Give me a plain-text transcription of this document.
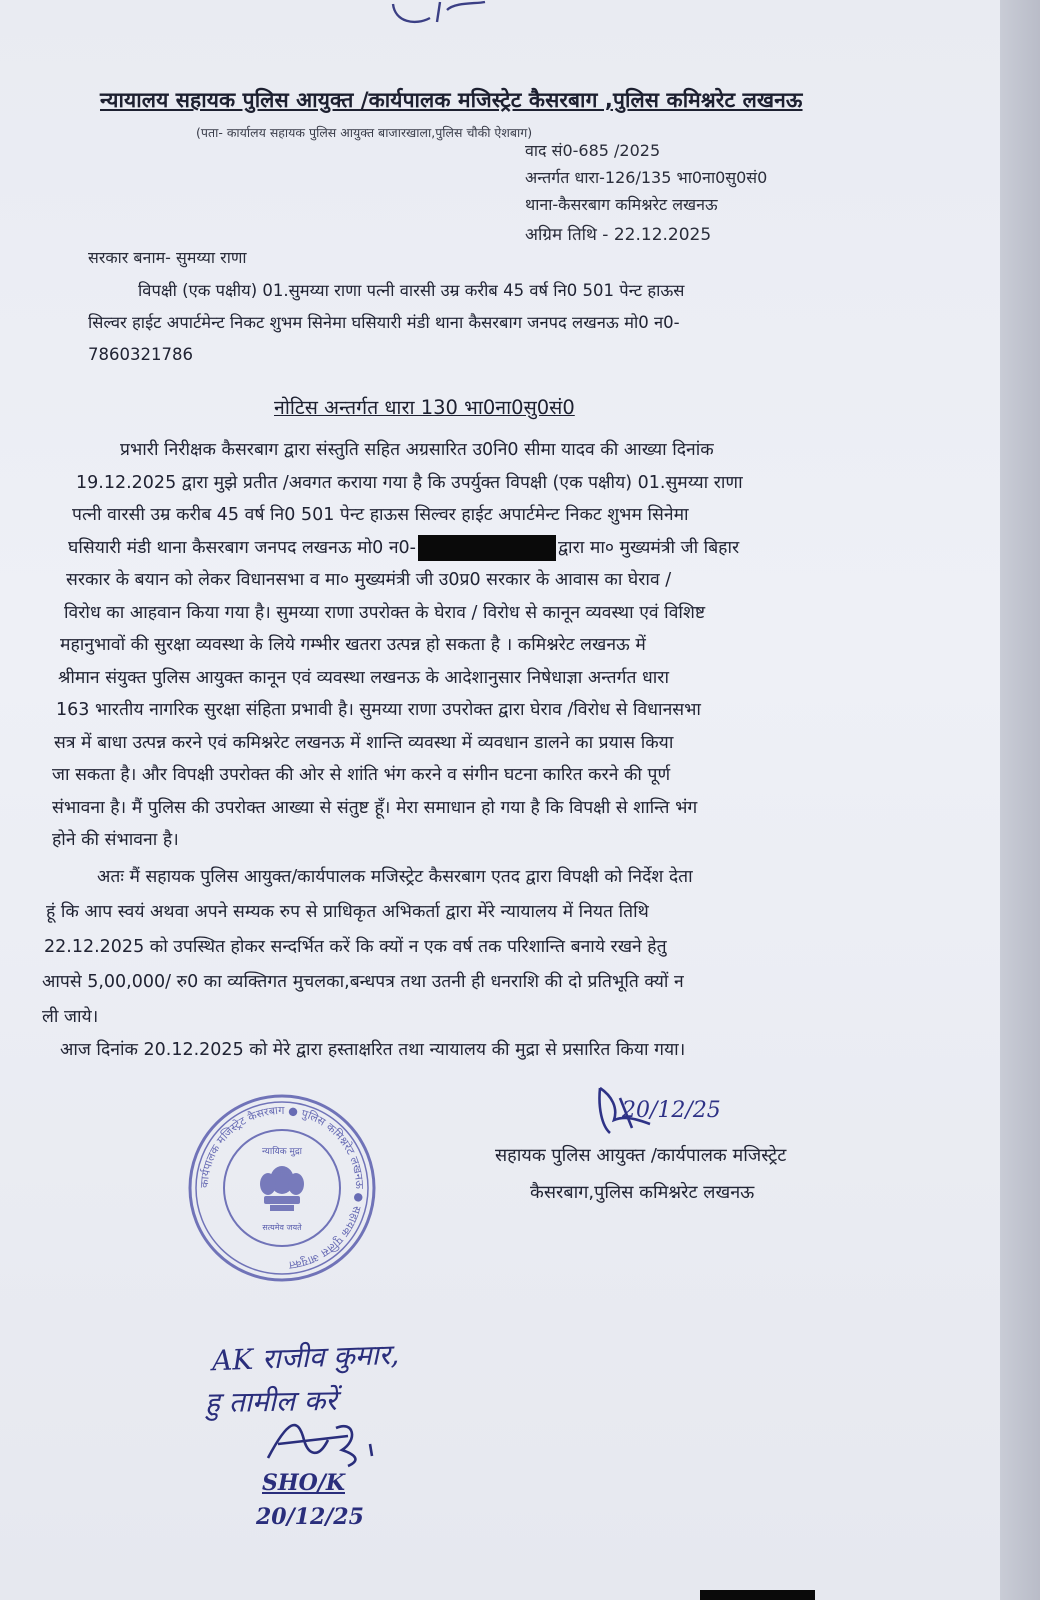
न्यायालय सहायक पुलिस आयुक्त /कार्यपालक मजिस्ट्रेट कैसरबाग ,पुलिस कमिश्नरेट लखनऊ
(पता- कार्यालय सहायक पुलिस आयुक्त बाजारखाला,पुलिस चौकी ऐशबाग)
वाद सं0-685 /2025
अन्तर्गत धारा-126/135 भा0ना0सु0सं0
थाना-कैसरबाग कमिश्नरेट लखनऊ
अग्रिम तिथि - 22.12.2025
सरकार बनाम- सुमय्या राणा
विपक्षी (एक पक्षीय) 01.सुमय्या राणा पत्नी वारसी उम्र करीब 45 वर्ष नि0 501 पेन्ट हाऊस
सिल्वर हाईट अपार्टमेन्ट निकट शुभम सिनेमा घसियारी मंडी थाना कैसरबाग जनपद लखनऊ मो0 न0-
7860321786
नोटिस अन्तर्गत धारा 130 भा0ना0सु0सं0
प्रभारी निरीक्षक कैसरबाग द्वारा संस्तुति सहित अग्रसारित उ0नि0 सीमा यादव की आख्या दिनांक
19.12.2025 द्वारा मुझे प्रतीत /अवगत कराया गया है कि उपर्युक्त विपक्षी (एक पक्षीय) 01.सुमय्या राणा
पत्नी वारसी उम्र करीब 45 वर्ष नि0 501 पेन्ट हाऊस सिल्वर हाईट अपार्टमेन्ट निकट शुभम सिनेमा
घसियारी मंडी थाना कैसरबाग जनपद लखनऊ मो0 न0-	द्वारा मा० मुख्यमंत्री जी बिहार
सरकार के बयान को लेकर विधानसभा व मा० मुख्यमंत्री जी उ0प्र0 सरकार के आवास का घेराव /
विरोध का आहवान किया गया है। सुमय्या राणा उपरोक्त के घेराव / विरोध से कानून व्यवस्था एवं विशिष्ट
महानुभावों की सुरक्षा व्यवस्था के लिये गम्भीर खतरा उत्पन्न हो सकता है । कमिश्नरेट लखनऊ में
श्रीमान संयुक्त पुलिस आयुक्त कानून एवं व्यवस्था लखनऊ के आदेशानुसार निषेधाज्ञा अन्तर्गत धारा
163 भारतीय नागरिक सुरक्षा संहिता प्रभावी है। सुमय्या राणा उपरोक्त द्वारा घेराव /विरोध से विधानसभा
सत्र में बाधा उत्पन्न करने एवं कमिश्नरेट लखनऊ में शान्ति व्यवस्था में व्यवधान डालने का प्रयास किया
जा सकता है। और विपक्षी उपरोक्त की ओर से शांति भंग करने व संगीन घटना कारित करने की पूर्ण
संभावना है। मैं पुलिस की उपरोक्त आख्या से संतुष्ट हूँ। मेरा समाधान हो गया है कि विपक्षी से शान्ति भंग
होने की संभावना है।
अतः मैं सहायक पुलिस आयुक्त/कार्यपालक मजिस्ट्रेट कैसरबाग एतद द्वारा विपक्षी को निर्देश देता
हूं कि आप स्वयं अथवा अपने सम्यक रुप से प्राधिकृत अभिकर्ता द्वारा मेंरे न्यायालय में नियत तिथि
22.12.2025 को उपस्थित होकर सन्दर्भित करें कि क्यों न एक वर्ष तक परिशान्ति बनाये रखने हेतु
आपसे 5,00,000/ रु0 का व्यक्तिगत मुचलका,बन्धपत्र तथा उतनी ही धनराशि की दो प्रतिभूति क्यों न
ली जाये।
आज दिनांक 20.12.2025 को मेरे द्वारा हस्ताक्षरित तथा न्यायालय की मुद्रा से प्रसारित किया गया।
20/12/25
सहायक पुलिस आयुक्त /कार्यपालक मजिस्ट्रेट
कैसरबाग,पुलिस कमिश्नरेट लखनऊ
कार्यपालक मजिस्ट्रेट कैसरबाग ● पुलिस कमिश्नरेट लखनऊ ● सहायक पुलिस आयुक्त
न्यायिक मुद्रा
सत्यमेव जयते
AK राजीव कुमार,
हु तामील करें
SHO/K
20/12/25
